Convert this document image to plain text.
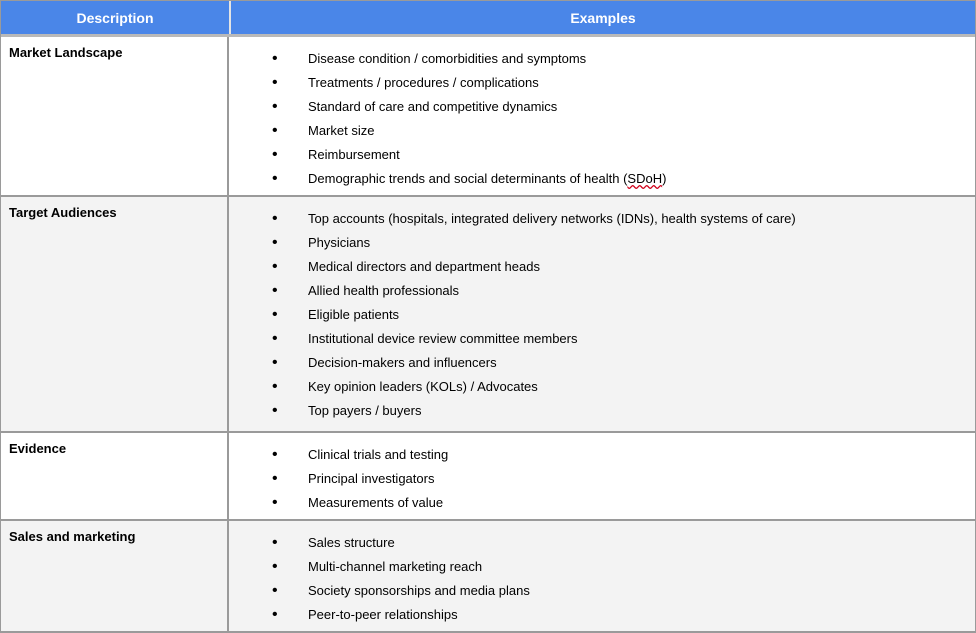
Description	Examples
Market Landscape	• Disease condition / comorbidities and symptoms
• Treatments / procedures / complications
• Standard of care and competitive dynamics
• Market size
• Reimbursement
• Demographic trends and social determinants of health (SDoH)
Target Audiences	• Top accounts (hospitals, integrated delivery networks (IDNs), health systems of care)
• Physicians
• Medical directors and department heads
• Allied health professionals
• Eligible patients
• Institutional device review committee members
• Decision-makers and influencers
• Key opinion leaders (KOLs) / Advocates
• Top payers / buyers
Evidence	• Clinical trials and testing
• Principal investigators
• Measurements of value
Sales and marketing	• Sales structure
• Multi-channel marketing reach
• Society sponsorships and media plans
• Peer-to-peer relationships
